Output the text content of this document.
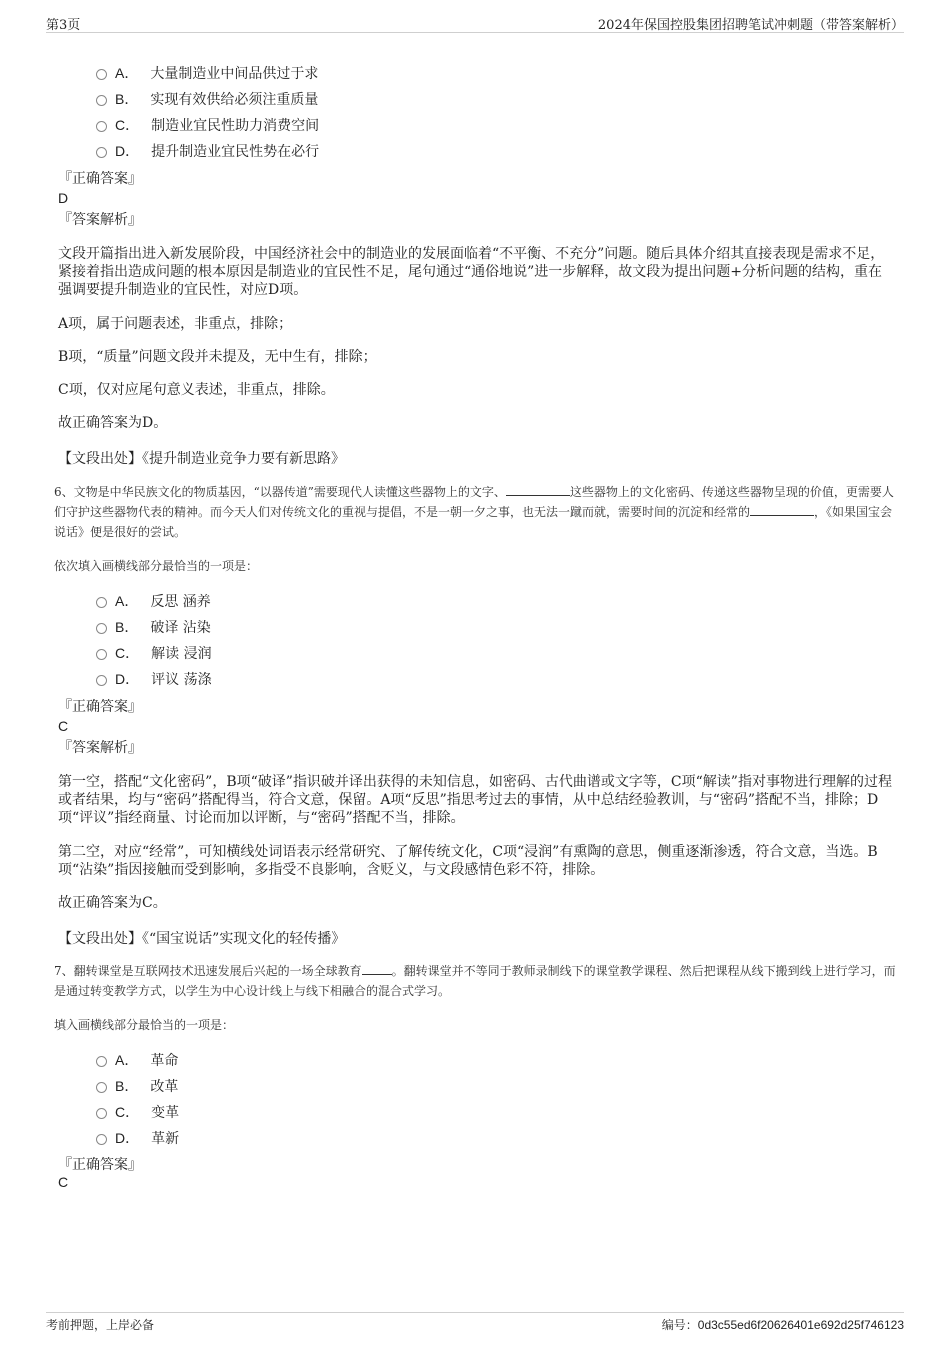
第3页	2024年保国控股集团招聘笔试冲刺题（带答案解析）
A． 大量制造业中间品供过于求
B． 实现有效供给必须注重质量
C． 制造业宜民性助力消费空间
D． 提升制造业宜民性势在必行
『正确答案』
D
『答案解析』
文段开篇指出进入新发展阶段，中国经济社会中的制造业的发展面临着“不平衡、不充分”问题。随后具体介绍其直接表现是需求不足，紧接着指出造成问题的根本原因是制造业的宜民性不足，尾句通过“通俗地说”进一步解释，故文段为提出问题+分析问题的结构，重在强调要提升制造业的宜民性，对应D项。
A项，属于问题表述，非重点，排除；
B项，“质量”问题文段并未提及，无中生有，排除；
C项，仅对应尾句意义表述，非重点，排除。
故正确答案为D。
【文段出处】《提升制造业竞争力要有新思路》
6、文物是中华民族文化的物质基因，“以器传道”需要现代人读懂这些器物上的文字、	这些器物上的文化密码、传递这些器物呈现的价值，更需要人们守护这些器物代表的精神。而今天人们对传统文化的重视与提倡，不是一朝一夕之事，也无法一蹴而就，需要时间的沉淀和经常的	，《如果国宝会说话》便是很好的尝试。
依次填入画横线部分最恰当的一项是：
A． 反思 涵养
B． 破译 沾染
C． 解读 浸润
D． 评议 荡涤
『正确答案』
C
『答案解析』
第一空，搭配“文化密码”，B项“破译”指识破并译出获得的未知信息，如密码、古代曲谱或文字等，C项“解读”指对事物进行理解的过程或者结果，均与“密码”搭配得当，符合文意，保留。A项“反思”指思考过去的事情，从中总结经验教训，与“密码”搭配不当，排除；D项“评议”指经商量、讨论而加以评断，与“密码”搭配不当，排除。
第二空，对应“经常”，可知横线处词语表示经常研究、了解传统文化，C项“浸润”有熏陶的意思，侧重逐渐渗透，符合文意，当选。B项“沾染”指因接触而受到影响，多指受不良影响，含贬义，与文段感情色彩不符，排除。
故正确答案为C。
【文段出处】《“国宝说话”实现文化的轻传播》
7、翻转课堂是互联网技术迅速发展后兴起的一场全球教育	。翻转课堂并不等同于教师录制线下的课堂教学课程、然后把课程从线下搬到线上进行学习，而是通过转变教学方式，以学生为中心设计线上与线下相融合的混合式学习。
填入画横线部分最恰当的一项是：
A． 革命
B． 改革
C． 变革
D． 革新
『正确答案』
C
考前押题，上岸必备	编号：0d3c55ed6f20626401e692d25f746123
